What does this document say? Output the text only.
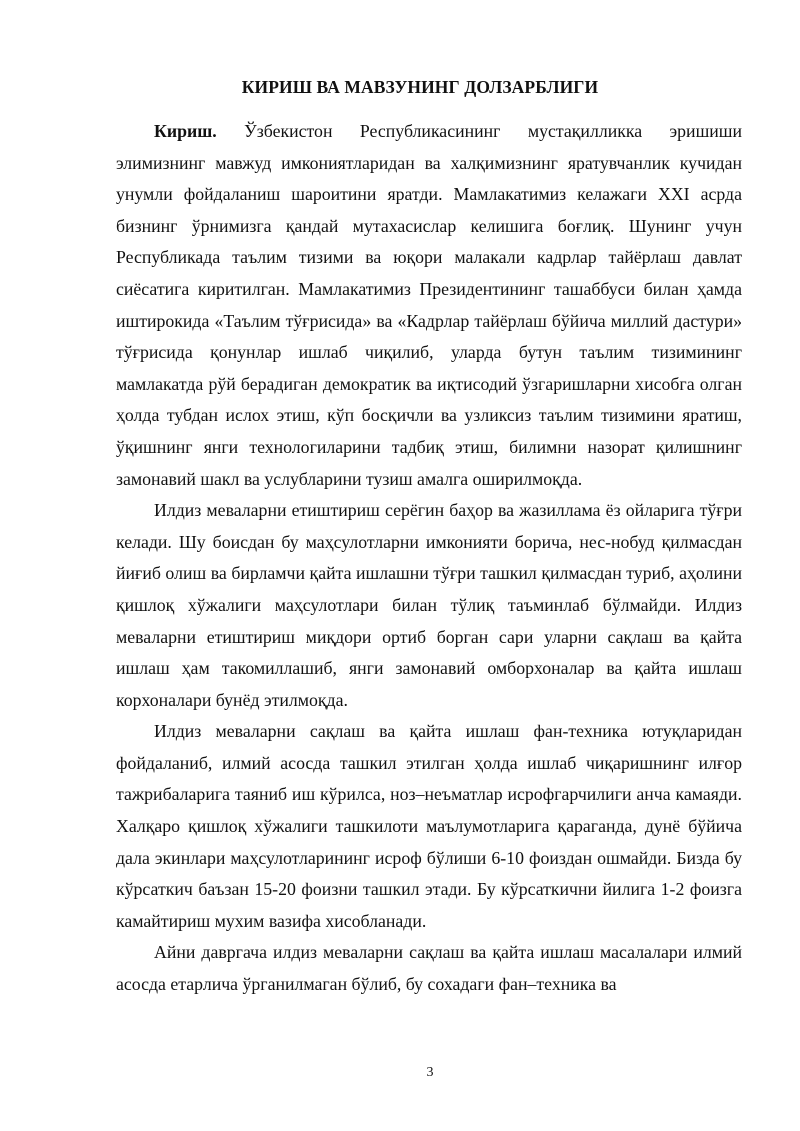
КИРИШ ВА МАВЗУНИНГ ДОЛЗАРБЛИГИ

Кириш. Ўзбекистон Республикасининг мустақилликка эришиши элимизнинг мавжуд имкониятларидан ва халқимизнинг яратувчанлик кучидан унумли фойдаланиш шароитини яратди. Мамлакатимиз келажаги XXI асрда бизнинг ўрнимизга қандай мутахасислар келишига боғлиқ. Шунинг учун Республикада таълим тизими ва юқори малакали кадрлар тайёрлаш давлат сиёсатига киритилган. Мамлакатимиз Президентининг ташаббуси билан ҳамда иштирокида «Таълим тўғрисида» ва «Кадрлар тайёрлаш бўйича миллий дастури» тўғрисида қонунлар ишлаб чиқилиб, уларда бутун таълим тизимининг мамлакатда рўй берадиган демократик ва иқтисодий ўзгаришларни хисобга олган ҳолда тубдан ислох этиш, кўп босқичли ва узликсиз таълим тизимини яратиш, ўқишнинг янги технологиларини тадбиқ этиш, билимни назорат қилишнинг замонавий шакл ва услубларини тузиш амалга оширилмоқда.

Илдиз меваларни етиштириш серёгин баҳор ва жазиллама ёз ойларига тўғри келади. Шу боисдан бу маҳсулотларни имконияти борича, нес-нобуд қилмасдан йиғиб олиш ва бирламчи қайта ишлашни тўғри ташкил қилмасдан туриб, аҳолини қишлоқ хўжалиги маҳсулотлари билан тўлиқ таъминлаб бўлмайди. Илдиз меваларни етиштириш миқдори ортиб борган сари уларни сақлаш ва қайта ишлаш ҳам такомиллашиб, янги замонавий омборхоналар ва қайта ишлаш корхоналари бунёд этилмоқда.

Илдиз меваларни сақлаш ва қайта ишлаш фан-техника ютуқларидан фойдаланиб, илмий асосда ташкил этилган ҳолда ишлаб чиқаришнинг илғор тажрибаларига таяниб иш кўрилса, ноз–неъматлар исрофгарчилиги анча камаяди. Халқаро қишлоқ хўжалиги ташкилоти маълумотларига қараганда, дунё бўйича дала экинлари маҳсулотларининг исроф бўлиши 6-10 фоиздан ошмайди. Бизда бу кўрсаткич баъзан 15-20 фоизни ташкил этади. Бу кўрсаткични йилига 1-2 фоизга камайтириш мухим вазифа хисобланади.

Айни давргача илдиз меваларни сақлаш ва қайта ишлаш масалалари илмий асосда етарлича ўрганилмаган бўлиб, бу сохадаги фан–техника ва

3
